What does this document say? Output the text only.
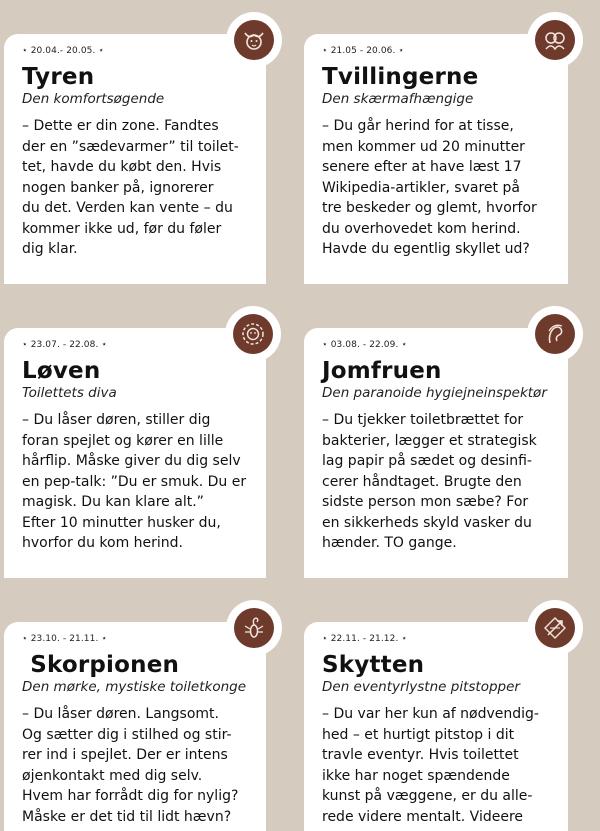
⋆ 20.04.- 20.05. ⋆
Tyren
Den komfortsøgende
– Dette er din zone. Fandtes
der en ”sædevarmer” til toilet-
tet, havde du købt den. Hvis
nogen banker på, ignorerer
du det. Verden kan vente – du
kommer ikke ud, før du føler
dig klar.
⋆ 21.05 - 20.06. ⋆
Tvillingerne
Den skærmafhængige
– Du går herind for at tisse,
men kommer ud 20 minutter
senere efter at have læst 17
Wikipedia-artikler, svaret på
tre beskeder og glemt, hvorfor
du overhovedet kom herind.
Havde du egentlig skyllet ud?
⋆ 23.07. - 22.08. ⋆
Løven
Toilettets diva
– Du låser døren, stiller dig
foran spejlet og kører en lille
hårflip. Måske giver du dig selv
en pep-talk: ”Du er smuk. Du er
magisk. Du kan klare alt.”
Efter 10 minutter husker du,
hvorfor du kom herind.
⋆ 03.08. - 22.09. ⋆
Jomfruen
Den paranoide hygiejneinspektør
– Du tjekker toiletbrættet for
bakterier, lægger et strategisk
lag papir på sædet og desinfi-
cerer håndtaget. Brugte den
sidste person mon sæbe? For
en sikkerheds skyld vasker du
hænder. TO gange.
⋆ 23.10. - 21.11. ⋆
Skorpionen
Den mørke, mystiske toiletkonge
– Du låser døren. Langsomt.
Og sætter dig i stilhed og stir-
rer ind i spejlet. Der er intens
øjenkontakt med dig selv.
Hvem har forrådt dig for nylig?
Måske er det tid til lidt hævn?
⋆ 22.11. - 21.12. ⋆
Skytten
Den eventyrlystne pitstopper
– Du var her kun af nødvendig-
hed – et hurtigt pitstop i dit
travle eventyr. Hvis toilettet
ikke har noget spændende
kunst på væggene, er du alle-
rede videre mentalt. Videere
